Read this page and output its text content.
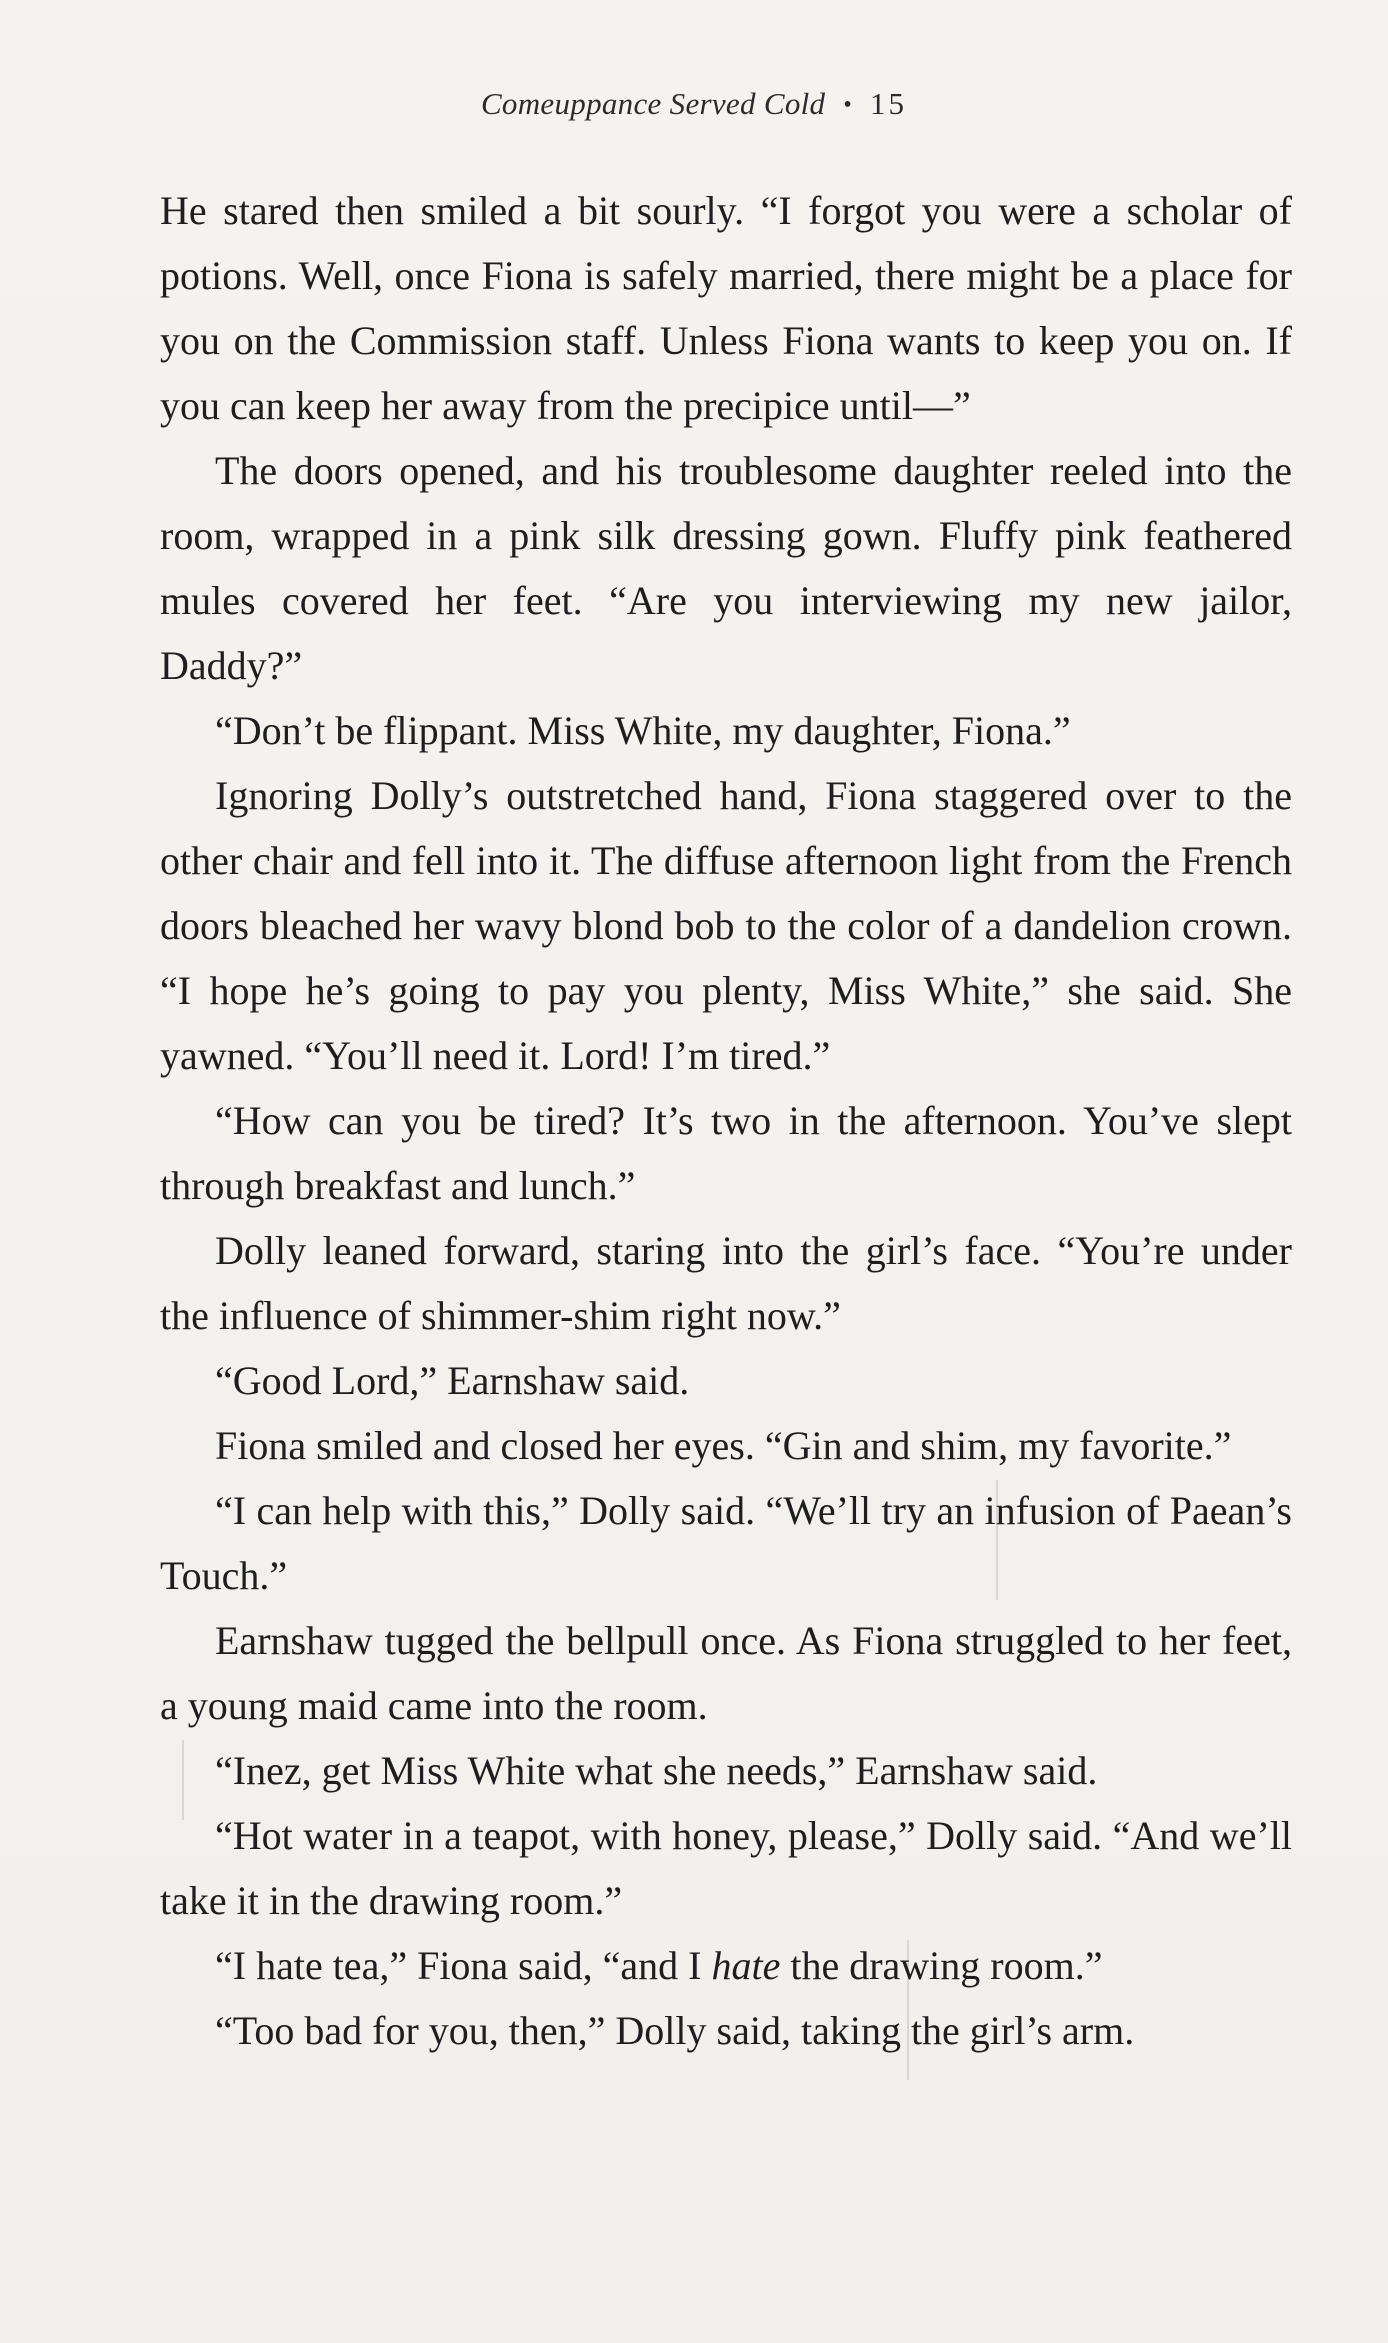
Comeuppance Served Cold • 15

He stared then smiled a bit sourly. “I forgot you were a scholar of potions. Well, once Fiona is safely married, there might be a place for you on the Commission staff. Unless Fiona wants to keep you on. If you can keep her away from the precipice until—”

The doors opened, and his troublesome daughter reeled into the room, wrapped in a pink silk dressing gown. Fluffy pink feathered mules covered her feet. “Are you interviewing my new jailor, Daddy?”

“Don’t be flippant. Miss White, my daughter, Fiona.”

Ignoring Dolly’s outstretched hand, Fiona staggered over to the other chair and fell into it. The diffuse afternoon light from the French doors bleached her wavy blond bob to the color of a dandelion crown. “I hope he’s going to pay you plenty, Miss White,” she said. She yawned. “You’ll need it. Lord! I’m tired.”

“How can you be tired? It’s two in the afternoon. You’ve slept through breakfast and lunch.”

Dolly leaned forward, staring into the girl’s face. “You’re under the influence of shimmer-shim right now.”

“Good Lord,” Earnshaw said.

Fiona smiled and closed her eyes. “Gin and shim, my favorite.”

“I can help with this,” Dolly said. “We’ll try an infusion of Paean’s Touch.”

Earnshaw tugged the bellpull once. As Fiona struggled to her feet, a young maid came into the room.

“Inez, get Miss White what she needs,” Earnshaw said.

“Hot water in a teapot, with honey, please,” Dolly said. “And we’ll take it in the drawing room.”

“I hate tea,” Fiona said, “and I hate the drawing room.”

“Too bad for you, then,” Dolly said, taking the girl’s arm.
